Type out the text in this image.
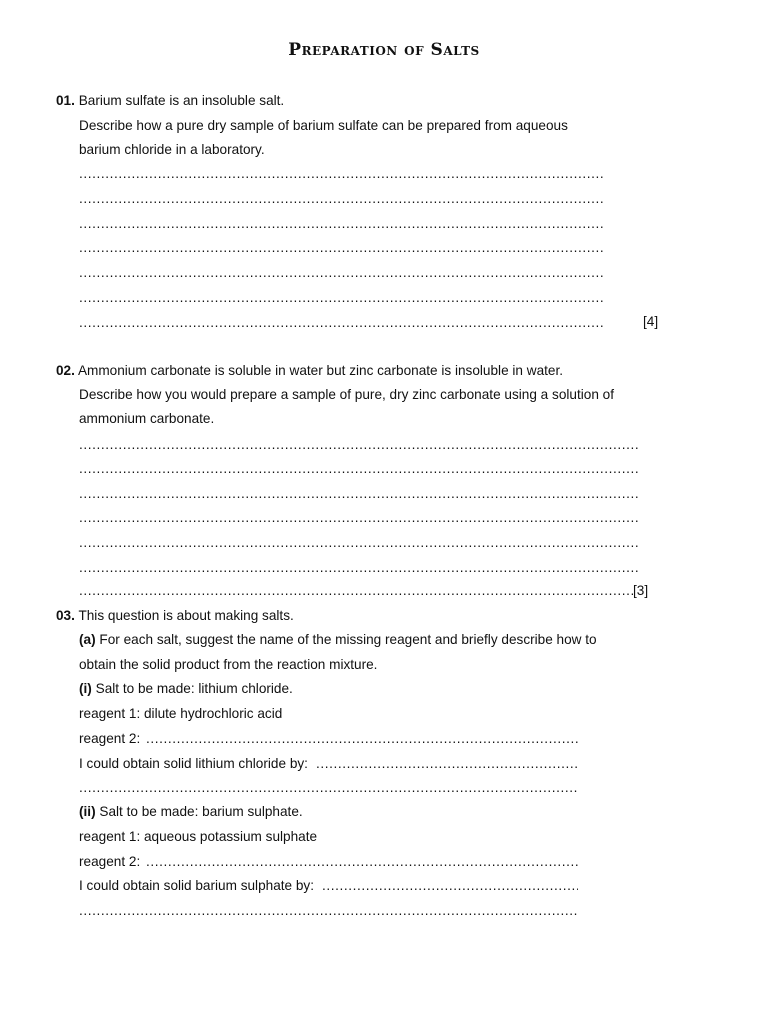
Preparation of Salts
01. Barium sulfate is an insoluble salt.
Describe how a pure dry sample of barium sulfate can be prepared from aqueous
barium chloride in a laboratory.
.....
.....
.....
.....
.....
.....
.....
[4]
02. Ammonium carbonate is soluble in water but zinc carbonate is insoluble in water.
Describe how you would prepare a sample of pure, dry zinc carbonate using a solution of
ammonium carbonate.
.....
.....
.....
.....
.....
.....
.....
[3]
03. This question is about making salts.
(a) For each salt, suggest the name of the missing reagent and briefly describe how to
obtain the solid product from the reaction mixture.
(i) Salt to be made: lithium chloride.
reagent 1: dilute hydrochloric acid
reagent 2:
.....
I could obtain solid lithium chloride by:
.....
.....
(ii) Salt to be made: barium sulphate.
reagent 1: aqueous potassium sulphate
reagent 2:
.....
I could obtain solid barium sulphate by:
.....
.....
